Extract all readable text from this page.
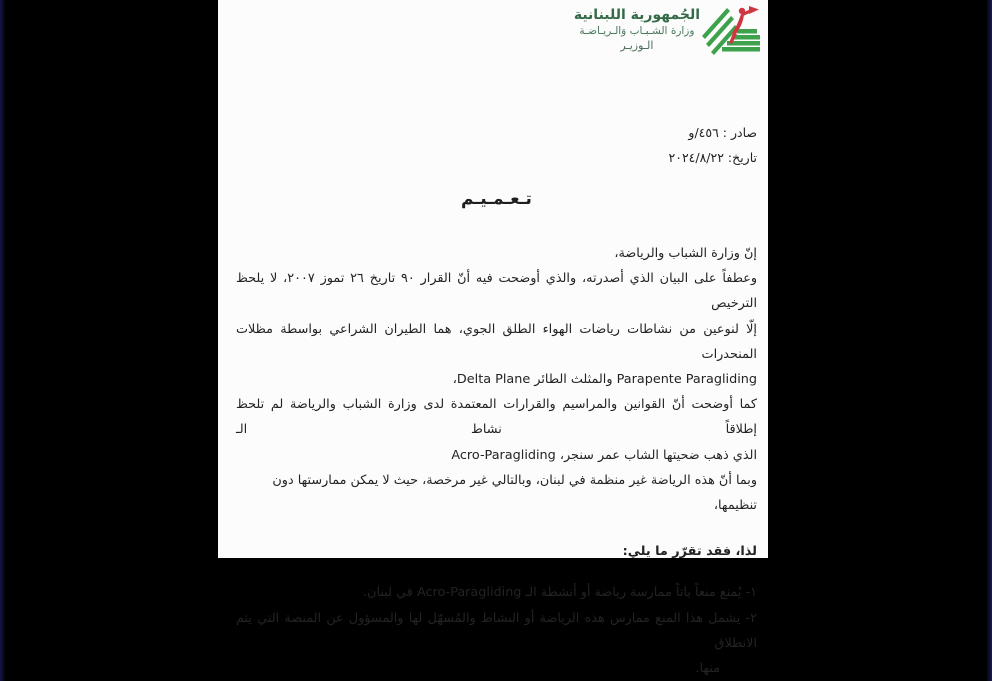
الجُمهورية اللبنانية
وزارة الشـبـاب وَالـريـاضـة
الـوزيـر
صادر : ٤٥٦/و
تاريخ: ٢٠٢٤/٨/٢٢
تـعـمـيـم
إنّ وزارة الشباب والرياضة،
وعطفاً على البيان الذي أصدرته، والذي أوضحت فيه أنّ القرار ٩٠ تاريخ ٢٦ تموز ٢٠٠٧، لا يلحظ الترخيص
إلّا لنوعين من نشاطات رياضات الهواء الطلق الجوي، هما الطيران الشراعي بواسطة مظلات المنحدرات
Parapente Paragliding والمثلث الطائر Delta Plane،
كما أوضحت أنّ القوانين والمراسيم والقرارات المعتمدة لدى وزارة الشباب والرياضة لم تلحظ إطلاقاً نشاط الـ
الذي ذهب ضحيتها الشاب عمر سنجر، Acro-Paragliding
وبما أنّ هذه الرياضة غير منظمة في لبنان، وبالتالي غير مرخصة، حيث لا يمكن ممارستها دون تنظيمها،
لذا، فقد تقرّر ما يلي:
١- يُمنع منعاً باتاً ممارسة رياضة أو أنشطة الـ Acro-Paragliding في لبنان.
٢- يشمل هذا المنع ممارس هذه الرياضة أو النشاط والمُسهّل لها والمسؤول عن المنصة التي يتم الانطلاق
منها.
